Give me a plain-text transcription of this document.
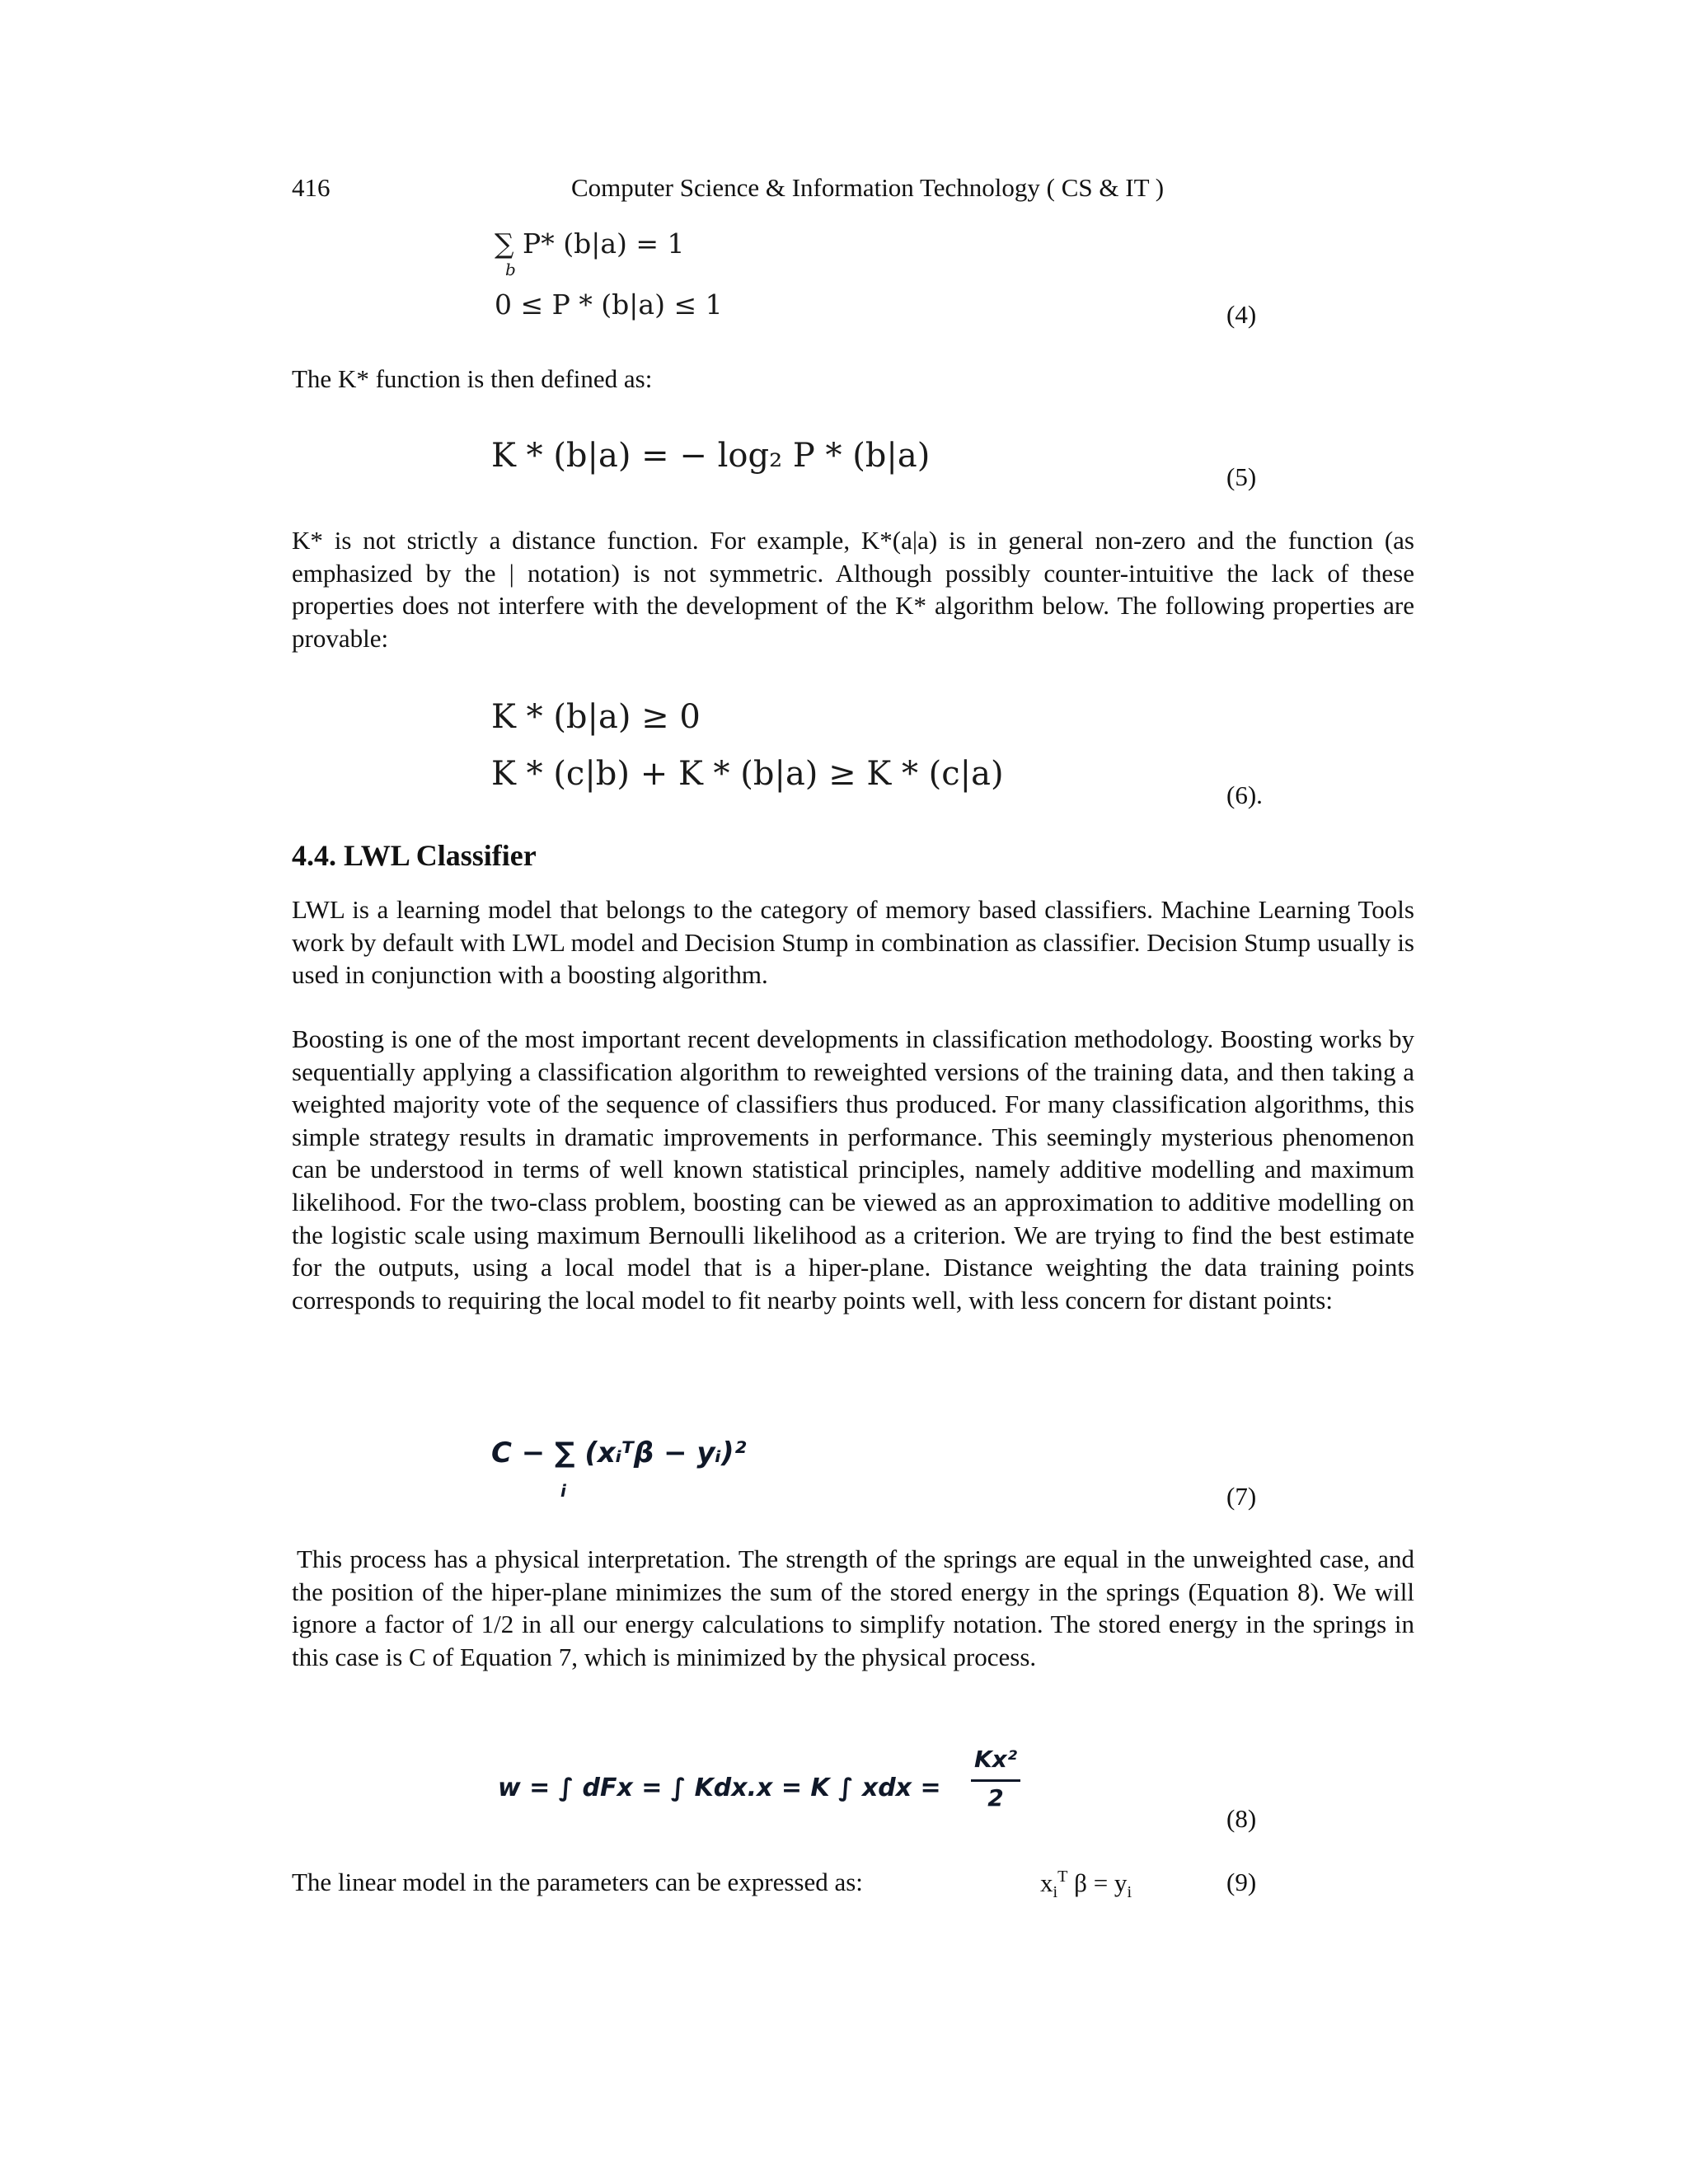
416	Computer Science & Information Technology ( CS & IT )
∑ P* (b|a) = 1
b
0 ≤ P * (b|a) ≤ 1	(4)
The K* function is then defined as:
K * (b|a) = − log₂ P * (b|a)
(5)

K* is not strictly a distance function. For example, K*(a|a) is in general non-zero and the function (as emphasized by the | notation) is not symmetric. Although possibly counter-intuitive the lack of these properties does not interfere with the development of the K* algorithm below. The following properties are provable:

K * (b|a) ≥ 0
K * (c|b) + K * (b|a) ≥ K * (c|a)
(6).
4.4. LWL Classifier

LWL is a learning model that belongs to the category of memory based classifiers. Machine Learning Tools work by default with LWL model and Decision Stump in combination as classifier. Decision Stump usually is used in conjunction with a boosting algorithm.

Boosting is one of the most important recent developments in classification methodology. Boosting works by sequentially applying a classification algorithm to reweighted versions of the training data, and then taking a weighted majority vote of the sequence of classifiers thus produced. For many classification algorithms, this simple strategy results in dramatic improvements in performance. This seemingly mysterious phenomenon can be understood in terms of well known statistical principles, namely additive modelling and maximum likelihood. For the two-class problem, boosting can be viewed as an approximation to additive modelling on the logistic scale using maximum Bernoulli likelihood as a criterion. We are trying to find the best estimate for the outputs, using a local model that is a hiper-plane. Distance weighting the data training points corresponds to requiring the local model to fit nearby points well, with less concern for distant points:

C − ∑ (xᵢᵀβ − yᵢ)²
i	(7)

This process has a physical interpretation. The strength of the springs are equal in the unweighted case, and the position of the hiper-plane minimizes the sum of the stored energy in the springs (Equation 8). We will ignore a factor of 1/2 in all our energy calculations to simplify notation. The stored energy in the springs in this case is C of Equation 7, which is minimized by the physical process.

w = ∫ dFx = ∫ Kdx.x = K ∫ xdx =
Kx²
2
(8)
The linear model in the parameters can be expressed as:	$x_i^T$ $\beta = y_i$	(9)
